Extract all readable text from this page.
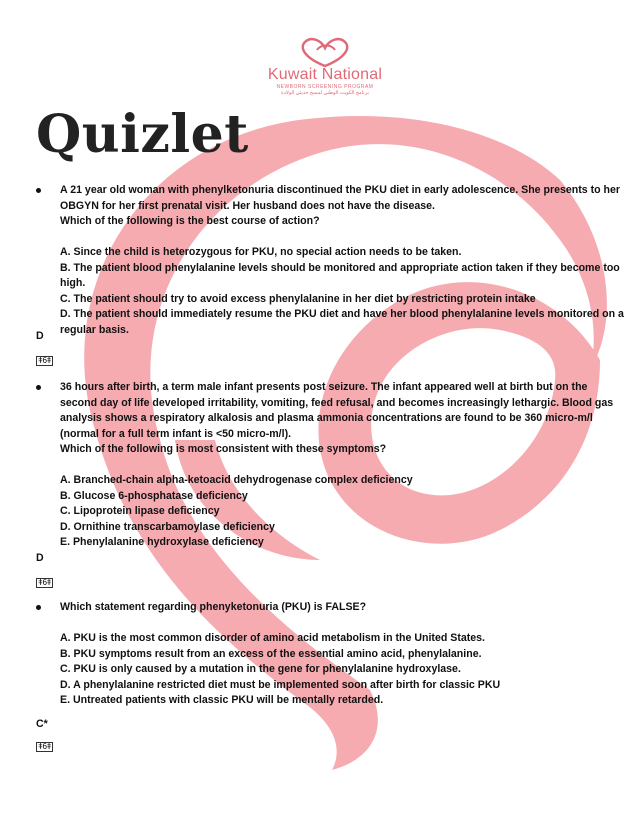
Kuwait National
NEWBORN SCREENING PROGRAM
برنامج الكويت الوطني لمسح حديثي الولادة
Quizlet
A 21 year old woman with phenylketonuria discontinued the PKU diet in early adolescence. She presents to her OBGYN for her first prenatal visit. Her husband does not have the disease.
Which of the following is the best course of action?
A. Since the child is heterozygous for PKU, no special action needs to be taken.
B. The patient blood phenylalanine levels should be monitored and appropriate action taken if they become too high.
C. The patient should try to avoid excess phenylalanine in her diet by restricting protein intake
D. The patient should immediately resume the PKU diet and have her blood phenylalanine levels monitored on a regular basis.
D
ǂ6ǂ
36 hours after birth, a term male infant presents post seizure. The infant appeared well at birth but on the second day of life developed irritability, vomiting, feed refusal, and becomes increasingly lethargic. Blood gas analysis shows a respiratory alkalosis and plasma ammonia concentrations are found to be 360 micro-m/l (normal for a full term infant is <50 micro-m/l).
Which of the following is most consistent with these symptoms?
A. Branched-chain alpha-ketoacid dehydrogenase complex deficiency
B. Glucose 6-phosphatase deficiency
C. Lipoprotein lipase deficiency
D. Ornithine transcarbamoylase deficiency
E. Phenylalanine hydroxylase deficiency
D
ǂ6ǂ
Which statement regarding phenyketonuria (PKU) is FALSE?
A. PKU is the most common disorder of amino acid metabolism in the United States.
B. PKU symptoms result from an excess of the essential amino acid, phenylalanine.
C. PKU is only caused by a mutation in the gene for phenylalanine hydroxylase.
D. A phenylalanine restricted diet must be implemented soon after birth for classic PKU
E. Untreated patients with classic PKU will be mentally retarded.
C*
ǂ6ǂ
